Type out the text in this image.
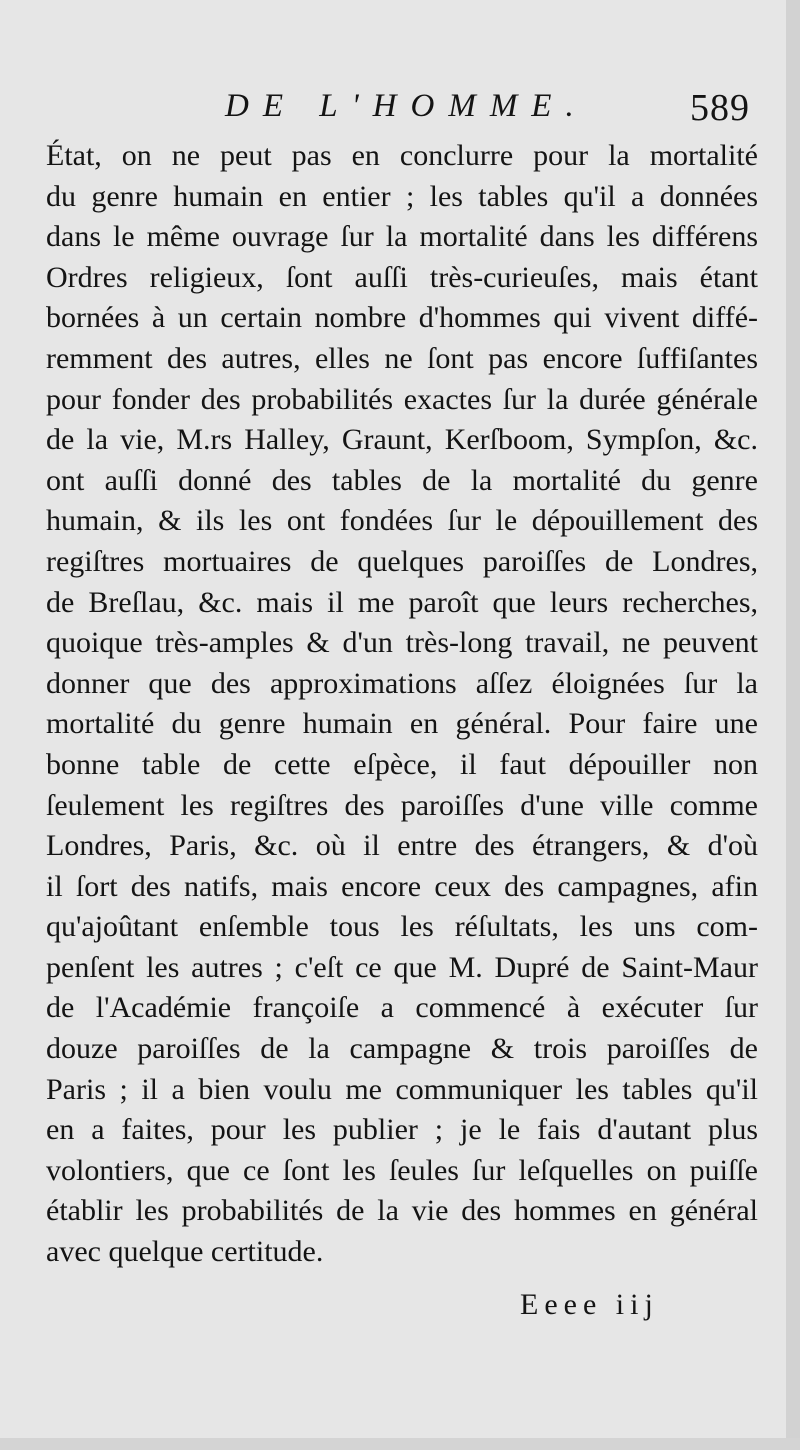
DE L'HOMME.	589
État, on ne peut pas en conclurre pour la mortalité
du genre humain en entier ; les tables qu'il a données
dans le même ouvrage ſur la mortalité dans les différens
Ordres religieux, ſont auſſi très-curieuſes, mais étant
bornées à un certain nombre d'hommes qui vivent diffé-
remment des autres, elles ne ſont pas encore ſuffiſantes
pour fonder des probabilités exactes ſur la durée générale
de la vie, M.rs Halley, Graunt, Kerſboom, Sympſon, &c.
ont auſſi donné des tables de la mortalité du genre
humain, & ils les ont fondées ſur le dépouillement des
regiſtres mortuaires de quelques paroiſſes de Londres,
de Breſlau, &c. mais il me paroît que leurs recherches,
quoique très-amples & d'un très-long travail, ne peuvent
donner que des approximations aſſez éloignées ſur la
mortalité du genre humain en général. Pour faire une
bonne table de cette eſpèce, il faut dépouiller non
ſeulement les regiſtres des paroiſſes d'une ville comme
Londres, Paris, &c. où il entre des étrangers, & d'où
il ſort des natifs, mais encore ceux des campagnes, afin
qu'ajoûtant enſemble tous les réſultats, les uns com-
penſent les autres ; c'eſt ce que M. Dupré de Saint-Maur
de l'Académie françoiſe a commencé à exécuter ſur
douze paroiſſes de la campagne & trois paroiſſes de
Paris ; il a bien voulu me communiquer les tables qu'il
en a faites, pour les publier ; je le fais d'autant plus
volontiers, que ce ſont les ſeules ſur leſquelles on puiſſe
établir les probabilités de la vie des hommes en général
avec quelque certitude.
Eeee iij
